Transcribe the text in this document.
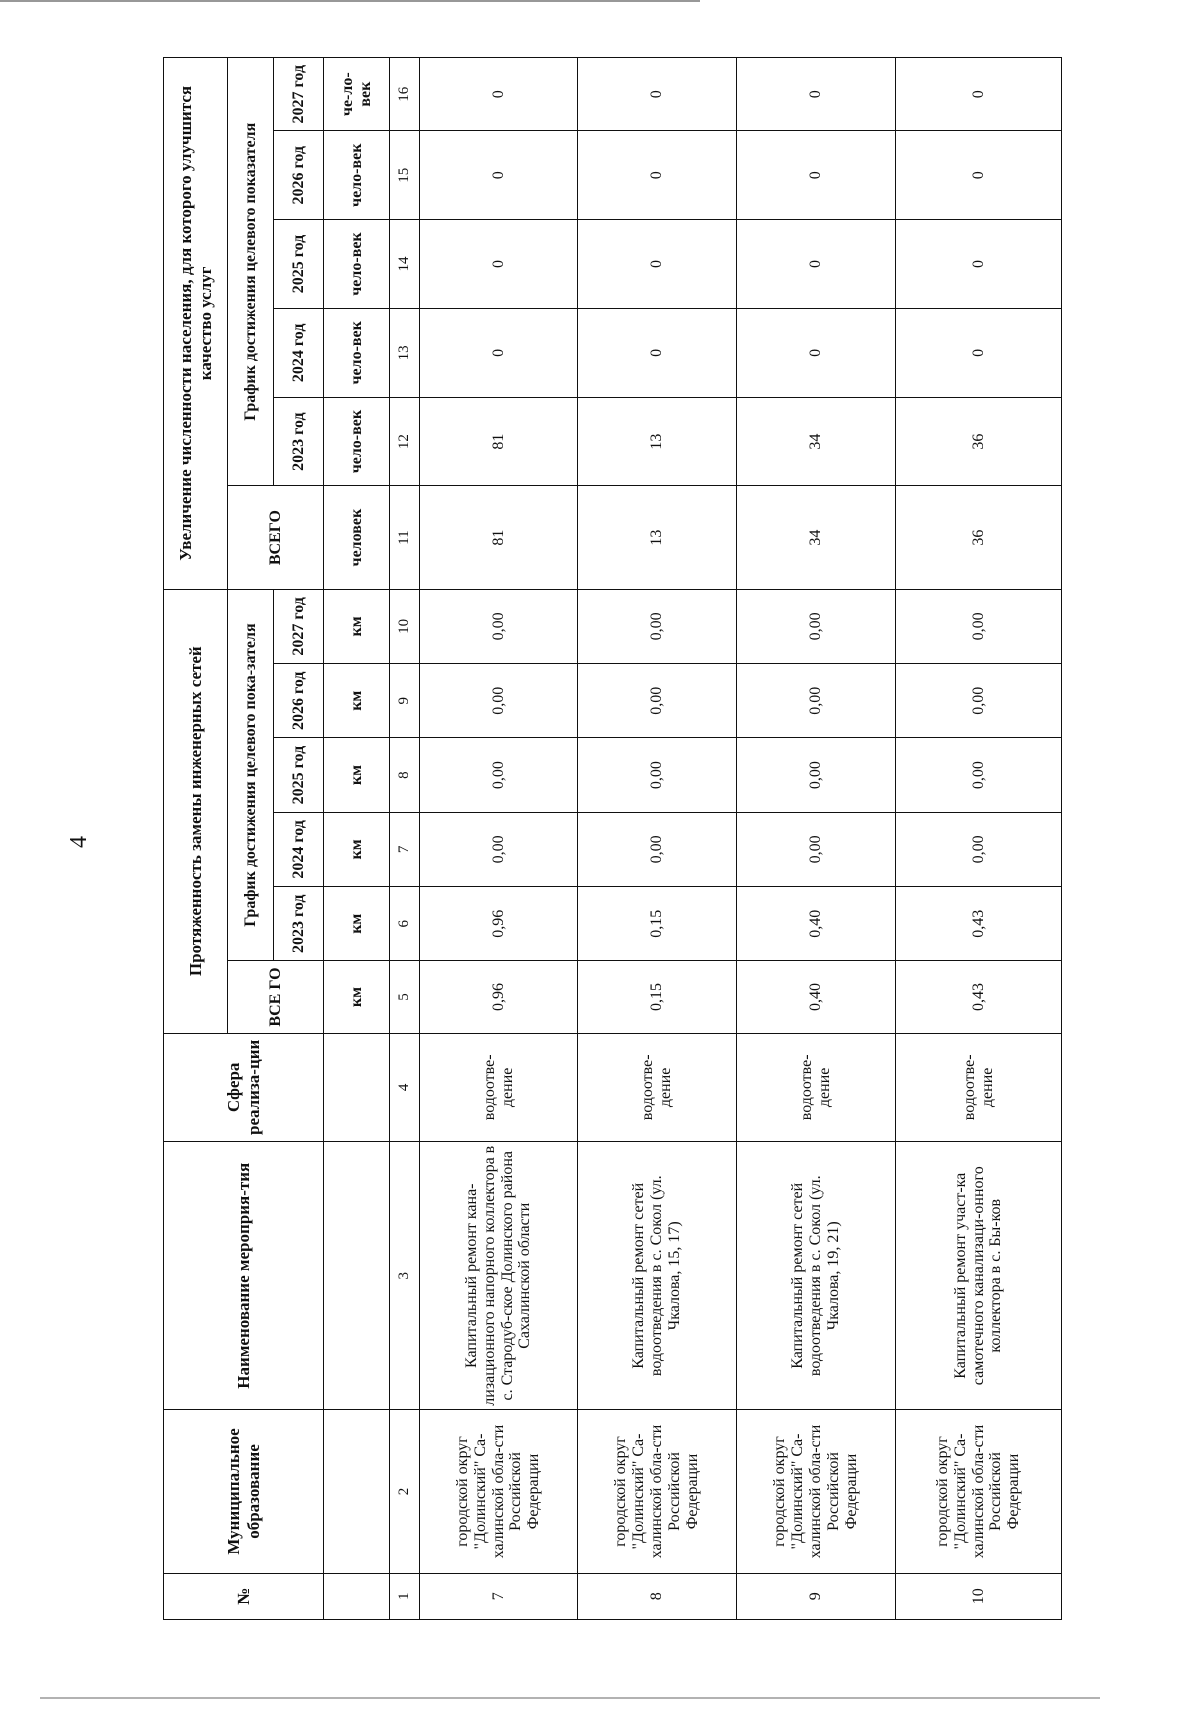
4
№	Муниципальное образование	Наименование мероприя-тия	Сфера реализа-ции	Протяженность замены инженерных сетей						Увеличение численности населения, для которого улучшится качество услуг					
				ВСЕ ГО	График достижения целевого пока-зателя					ВСЕГО	График достижения целевого показателя				
					2023 год	2024 год	2025 год	2026 год	2027 год		2023 год	2024 год	2025 год	2026 год	2027 год
				км	км	км	км	км	км	человек	чело-век	чело-век	чело-век	чело-век	че-ло-век
1	2	3	4	5	6	7	8	9	10	11	12	13	14	15	16
7	городской округ "Долинский" Са-халинской обла-сти Российской Федерации	Капитальный ремонт кана-лизационного напорного коллектора в с. Стародуб-ское Долинского района Сахалинской области	водоотве-дение	0,96	0,96	0,00	0,00	0,00	0,00	81	81	0	0	0	0
8	городской округ "Долинский" Са-халинской обла-сти Российской Федерации	Капитальный ремонт сетей водоотведения в с. Сокол (ул. Чкалова, 15, 17)	водоотве-дение	0,15	0,15	0,00	0,00	0,00	0,00	13	13	0	0	0	0
9	городской округ "Долинский" Са-халинской обла-сти Российской Федерации	Капитальный ремонт сетей водоотведения в с. Сокол (ул. Чкалова, 19, 21)	водоотве-дение	0,40	0,40	0,00	0,00	0,00	0,00	34	34	0	0	0	0
10	городской округ "Долинский" Са-халинской обла-сти Российской Федерации	Капитальный ремонт участ-ка самотечного канализаци-онного коллектора в с. Бы-ков	водоотве-дение	0,43	0,43	0,00	0,00	0,00	0,00	36	36	0	0	0	0
